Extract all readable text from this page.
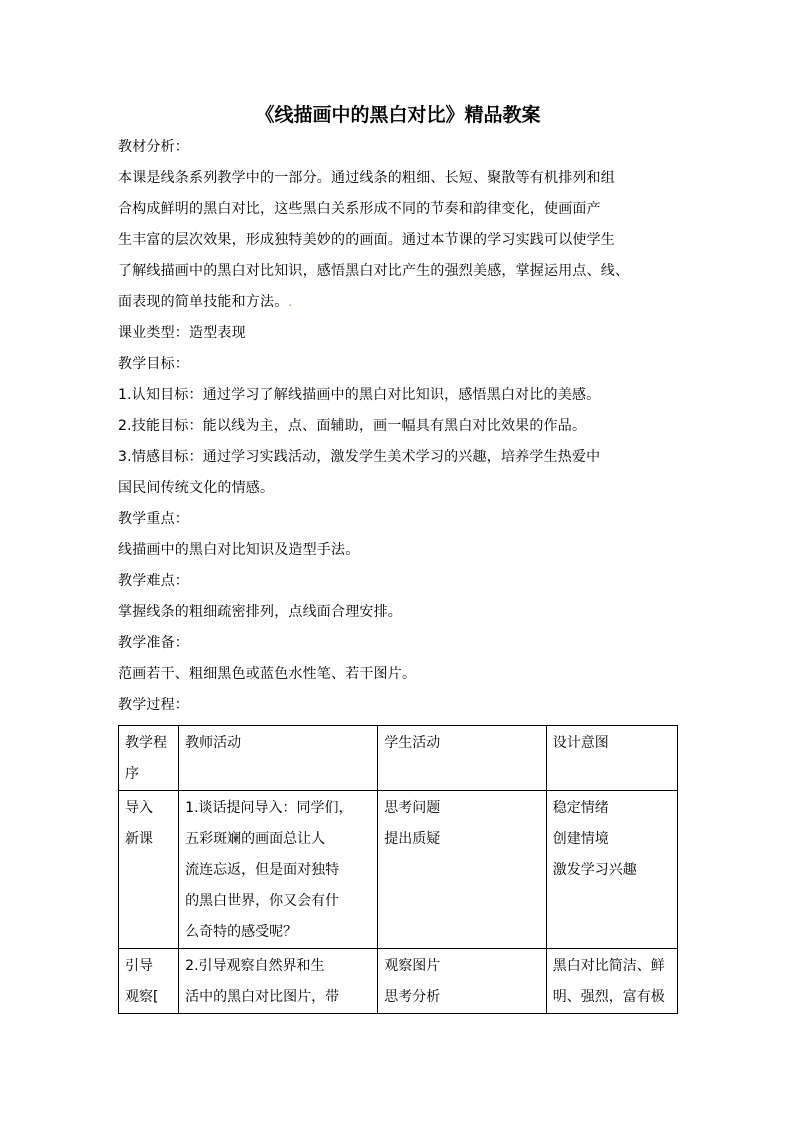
《线描画中的黑白对比》精品教案

教材分析：

本课是线条系列教学中的一部分。通过线条的粗细、长短、聚散等有机排列和组

合构成鲜明的黑白对比，这些黑白关系形成不同的节奏和韵律变化，使画面产

生丰富的层次效果，形成独特美妙的的画面。通过本节课的学习实践可以使学生

了解线描画中的黑白对比知识，感悟黑白对比产生的强烈美感，掌握运用点、线、

面表现的简单技能和方法。.

课业类型：造型表现

教学目标：

1.认知目标：通过学习了解线描画中的黑白对比知识，感悟黑白对比的美感。

2.技能目标：能以线为主，点、面辅助，画一幅具有黑白对比效果的作品。

3.情感目标：通过学习实践活动，激发学生美术学习的兴趣，培养学生热爱中

国民间传统文化的情感。

教学重点：

线描画中的黑白对比知识及造型手法。

教学难点：

掌握线条的粗细疏密排列，点线面合理安排。

教学准备：

范画若干、粗细黑色或蓝色水性笔、若干图片。

教学过程：

教学程
序	教师活动	学生活动	设计意图

导入
新课	1.谈话提问导入：同学们，
五彩斑斓的画面总让人
流连忘返，但是面对独特
的黑白世界，你又会有什
么奇特的感受呢？	思考问题
提出质疑	稳定情绪
创建情境
激发学习兴趣

引导
观察[	2.引导观察自然界和生
活中的黑白对比图片，带	观察图片
思考分析	黑白对比简洁、鲜
明、强烈，富有极
